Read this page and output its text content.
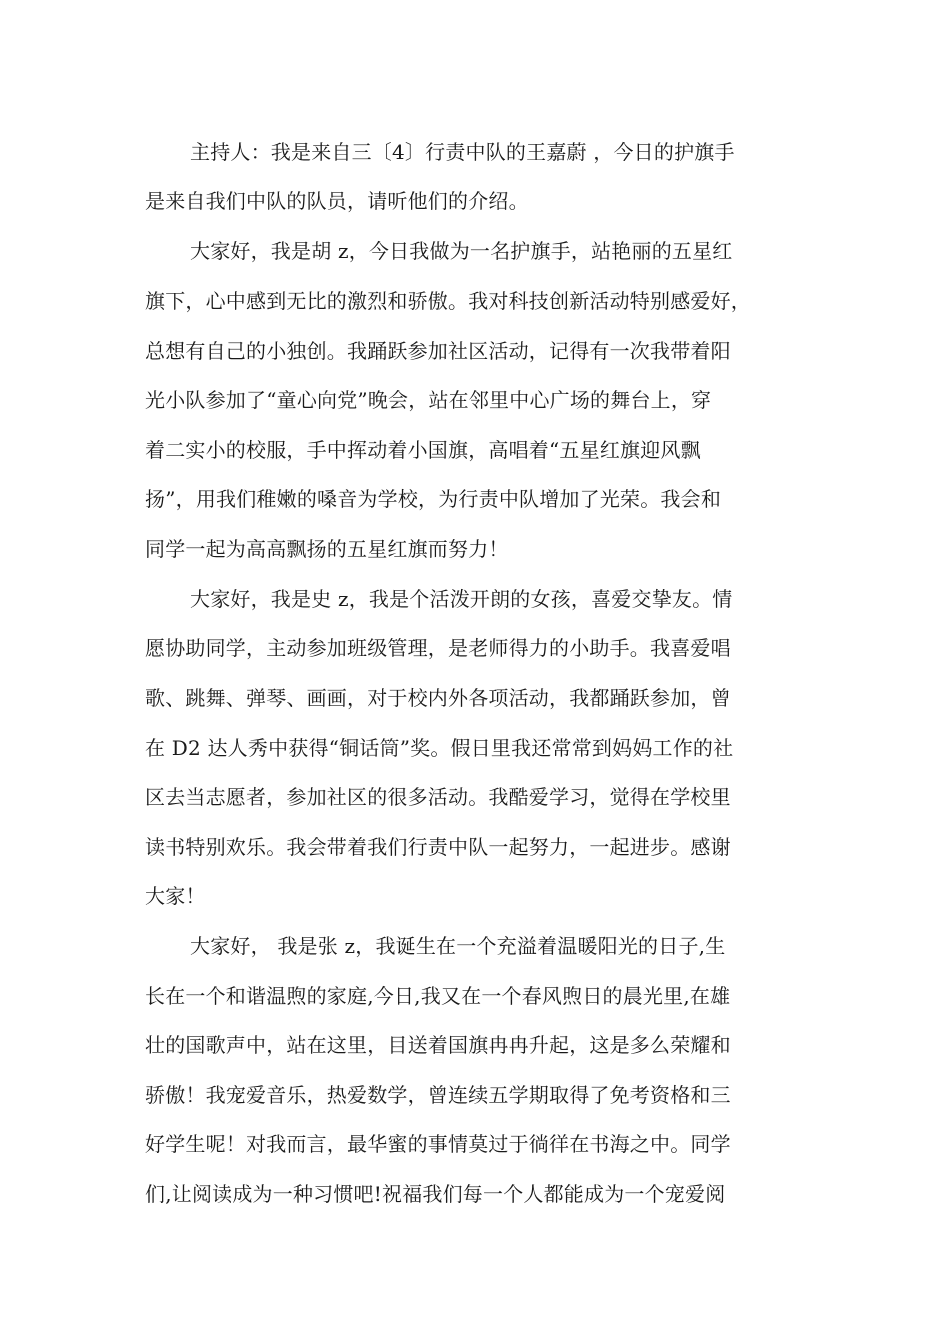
主持人：我是来自三〔4〕行责中队的王嘉蔚 ，今日的护旗手
是来自我们中队的队员，请听他们的介绍。
大家好，我是胡 z，今日我做为一名护旗手，站艳丽的五星红
旗下，心中感到无比的激烈和骄傲。我对科技创新活动特别感爱好，
总想有自己的小独创。我踊跃参加社区活动，记得有一次我带着阳
光小队参加了“童心向党”晚会，站在邻里中心广场的舞台上，穿
着二实小的校服，手中挥动着小国旗，高唱着“五星红旗迎风飘
扬”，用我们稚嫩的嗓音为学校，为行责中队增加了光荣。我会和
同学一起为高高飘扬的五星红旗而努力！
大家好，我是史 z，我是个活泼开朗的女孩，喜爱交挚友。情
愿协助同学，主动参加班级管理，是老师得力的小助手。我喜爱唱
歌、跳舞、弹琴、画画，对于校内外各项活动，我都踊跃参加，曾
在 D2 达人秀中获得“铜话筒”奖。假日里我还常常到妈妈工作的社
区去当志愿者，参加社区的很多活动。我酷爱学习，觉得在学校里
读书特别欢乐。我会带着我们行责中队一起努力，一起进步。感谢
大家！
大家好， 我是张 z，我诞生在一个充溢着温暖阳光的日子,生
长在一个和谐温煦的家庭,今日,我又在一个春风煦日的晨光里,在雄
壮的国歌声中，站在这里，目送着国旗冉冉升起，这是多么荣耀和
骄傲！我宠爱音乐，热爱数学，曾连续五学期取得了免考资格和三
好学生呢！对我而言，最华蜜的事情莫过于徜徉在书海之中。同学
们,让阅读成为一种习惯吧!祝福我们每一个人都能成为一个宠爱阅
